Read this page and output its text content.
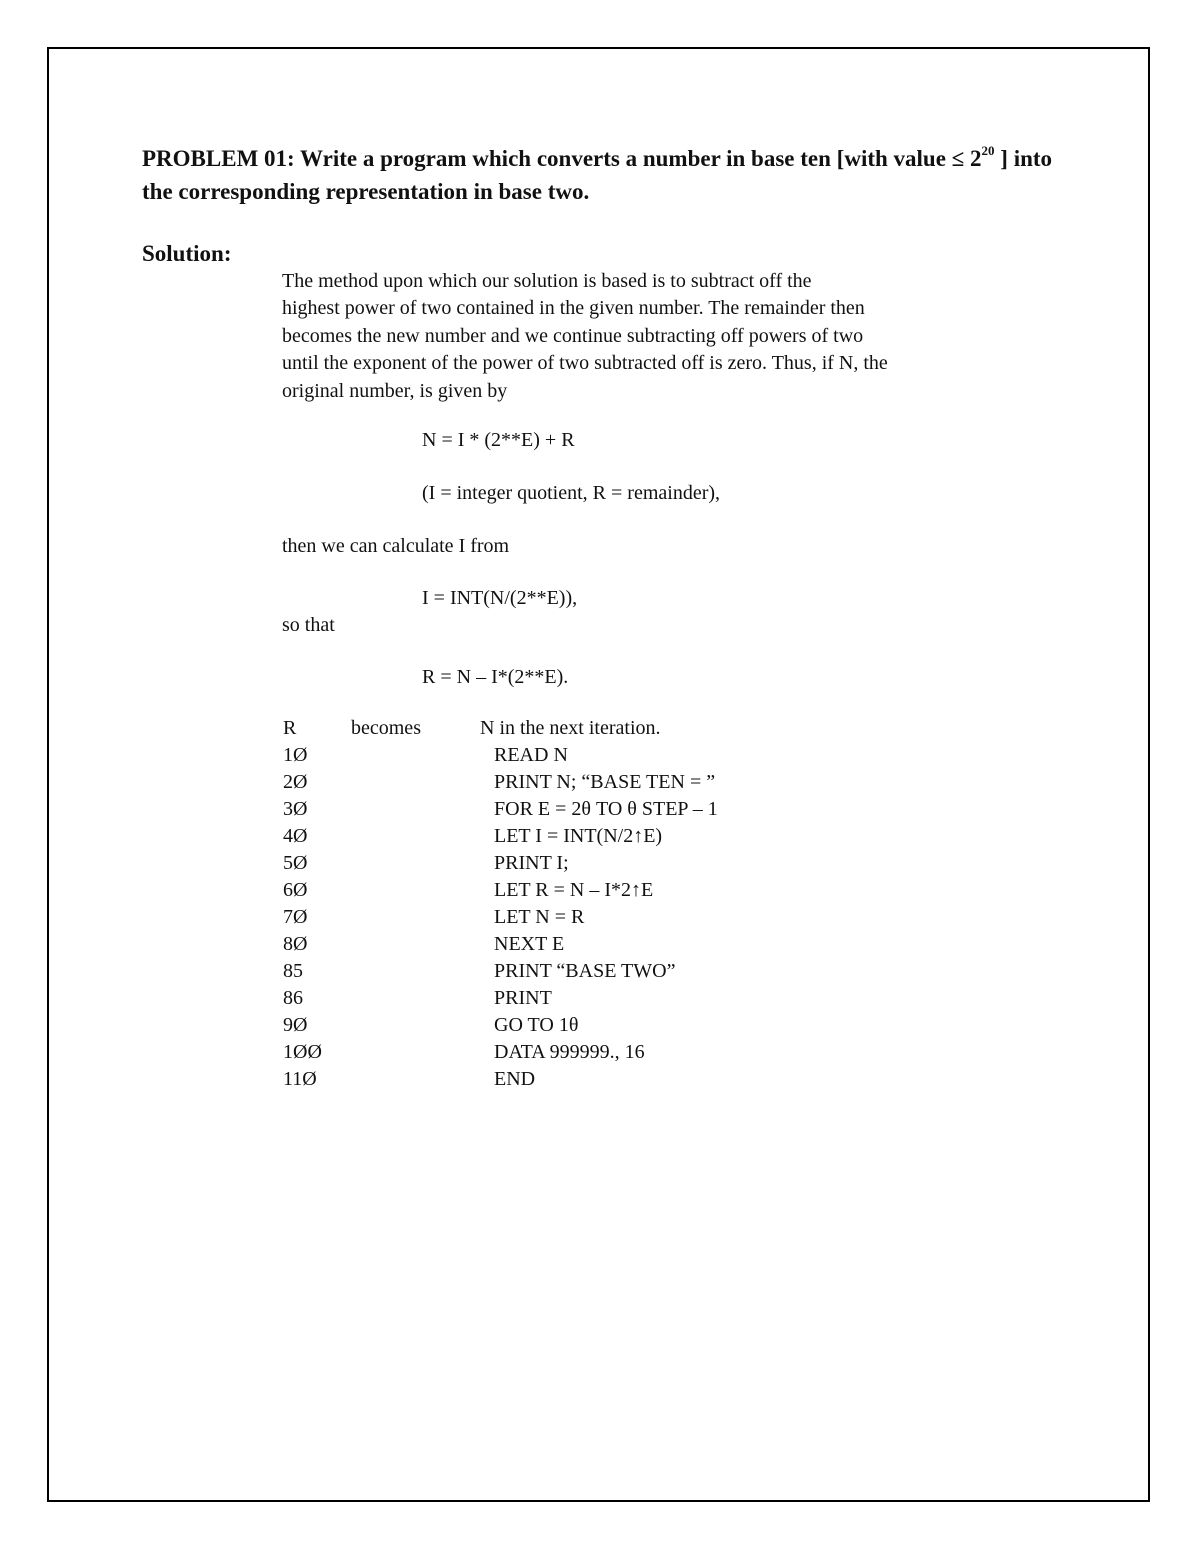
PROBLEM 01: Write a program which converts a number in base ten [with value ≤ $2^{20}$ ] into the corresponding representation in base two.
Solution:
The method upon which our solution is based is to subtract off the
highest power of two contained in the given number. The remainder then
becomes the new number and we continue subtracting off powers of two
until the exponent of the power of two subtracted off is zero. Thus, if N, the
original number, is given by
N = I * (2**E) + R
(I = integer quotient, R = remainder),
then we can calculate I from
I = INT(N/(2**E)),
so that
R = N – I*(2**E).
R	becomes	N in the next iteration.
1Ø	READ N
2Ø	PRINT N; “BASE TEN = ”
3Ø	FOR E = 2θ TO θ STEP – 1
4Ø	LET I = INT(N/2↑E)
5Ø	PRINT I;
6Ø	LET R = N – I*2↑E
7Ø	LET N = R
8Ø	NEXT E
85	PRINT “BASE TWO”
86	PRINT
9Ø	GO TO 1θ
1ØØ	DATA 999999., 16
11Ø	END
